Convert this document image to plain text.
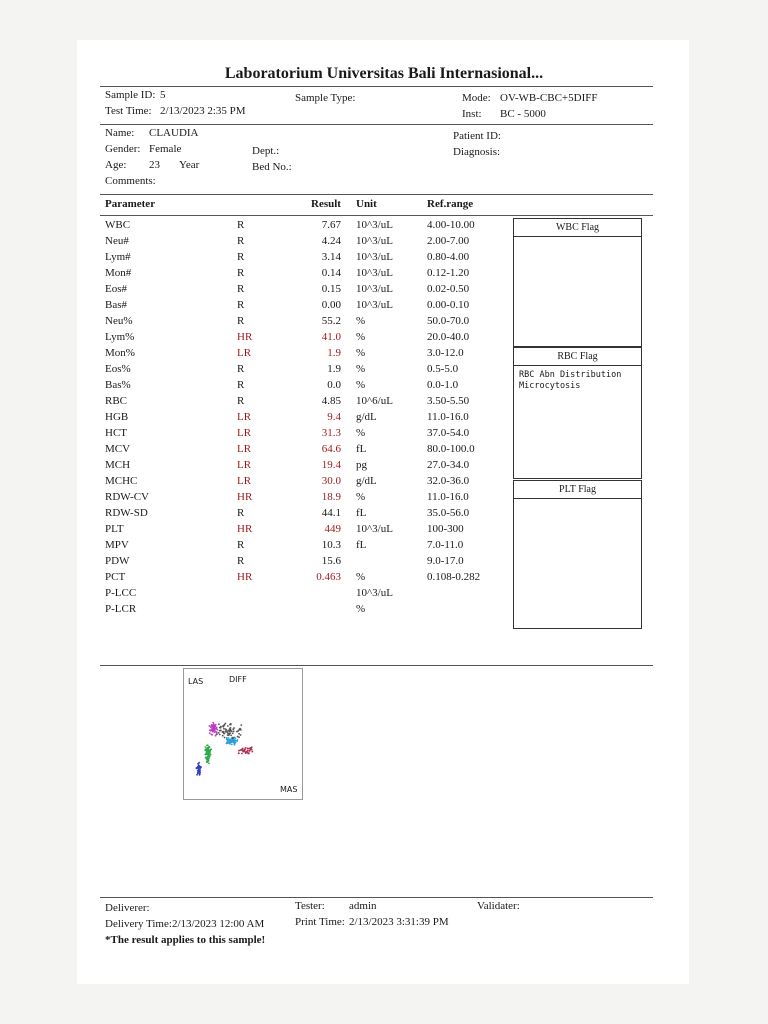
Laboratorium Universitas Bali Internasional...
Sample ID: 5
Test Time: 2/13/2023 2:35 PM
Sample Type:	Mode: OV-WB-CBC+5DIFF
Inst: BC - 5000
Name: CLAUDIA
Gender: Female
Age: 23 Year
Comments:
Dept.:
Bed No.:
Patient ID:
Diagnosis:
Parameter	Result Unit	Ref.range
WBC	R	7.67 10^3/uL	4.00-10.00
Neu#	R	4.24 10^3/uL	2.00-7.00
Lym#	R	3.14 10^3/uL	0.80-4.00
Mon#	R	0.14 10^3/uL	0.12-1.20
Eos#	R	0.15 10^3/uL	0.02-0.50
Bas#	R	0.00 10^3/uL	0.00-0.10
Neu%	R	55.2 %	50.0-70.0
Lym%	HR	41.0 %	20.0-40.0
Mon%	LR	1.9 %	3.0-12.0
Eos%	R	1.9 %	0.5-5.0
Bas%	R	0.0 %	0.0-1.0
RBC	R	4.85 10^6/uL	3.50-5.50
HGB	LR	9.4 g/dL	11.0-16.0
HCT	LR	31.3 %	37.0-54.0
MCV	LR	64.6 fL	80.0-100.0
MCH	LR	19.4 pg	27.0-34.0
MCHC	LR	30.0 g/dL	32.0-36.0
RDW-CV	HR	18.9 %	11.0-16.0
RDW-SD	R	44.1 fL	35.0-56.0
PLT	HR	449 10^3/uL	100-300
MPV	R	10.3 fL	7.0-11.0
PDW	R	15.6	9.0-17.0
PCT	HR	0.463 %	0.108-0.282
P-LCC	10^3/uL
P-LCR	%
WBC Flag
RBC Flag
RBC Abn Distribution
Microcytosis
PLT Flag
LAS	DIFF
MAS
Deliverer:	Tester: admin	Validater:
Delivery Time: 2/13/2023 12:00 AM	Print Time: 2/13/2023 3:31:39 PM
*The result applies to this sample!
